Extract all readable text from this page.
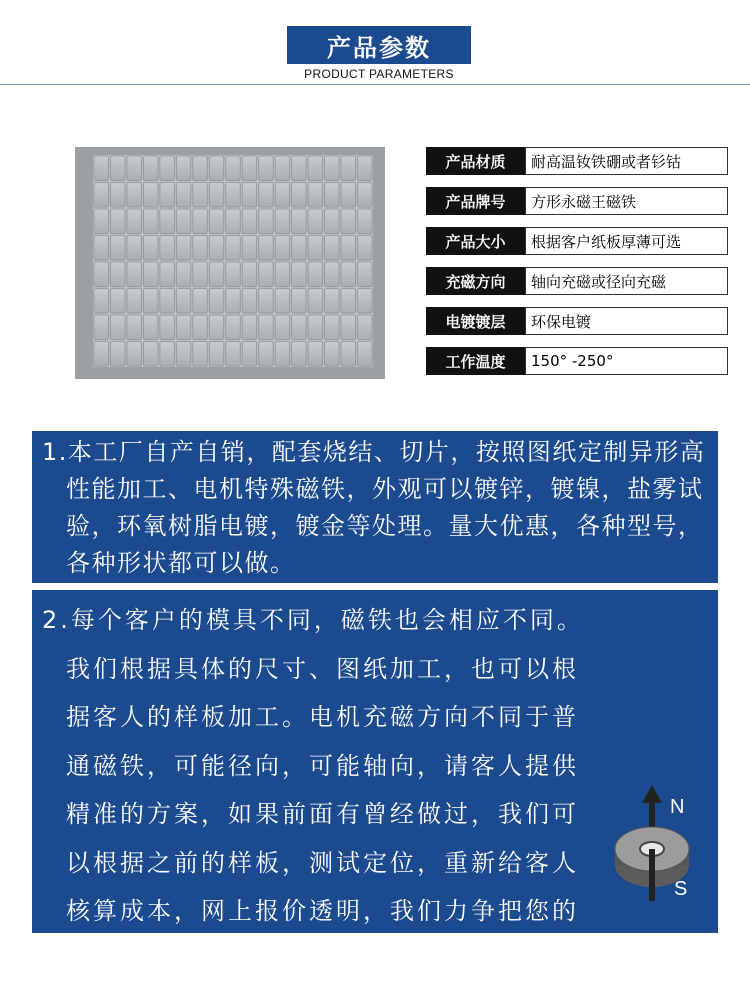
产品参数
PRODUCT PARAMETERS
产品材质	耐高温钕铁硼或者钐钴
产品牌号	方形永磁王磁铁
产品大小	根据客户纸板厚薄可选
充磁方向	轴向充磁或径向充磁
电镀镀层	环保电镀
工作温度	150° -250°
1.本工厂自产自销，配套烧结、切片，按照图纸定制异形高性能加工、电机特殊磁铁，外观可以镀锌，镀镍，盐雾试验，环氧树脂电镀，镀金等处理。量大优惠，各种型号，各种形状都可以做。
2.每个客户的模具不同，磁铁也会相应不同。我们根据具体的尺寸、图纸加工，也可以根据客人的样板加工。电机充磁方向不同于普通磁铁，可能径向，可能轴向，请客人提供精准的方案，如果前面有曾经做过，我们可以根据之前的样板，测试定位，重新给客人核算成本，网上报价透明，我们力争把您的成本降到最低。
N
S
